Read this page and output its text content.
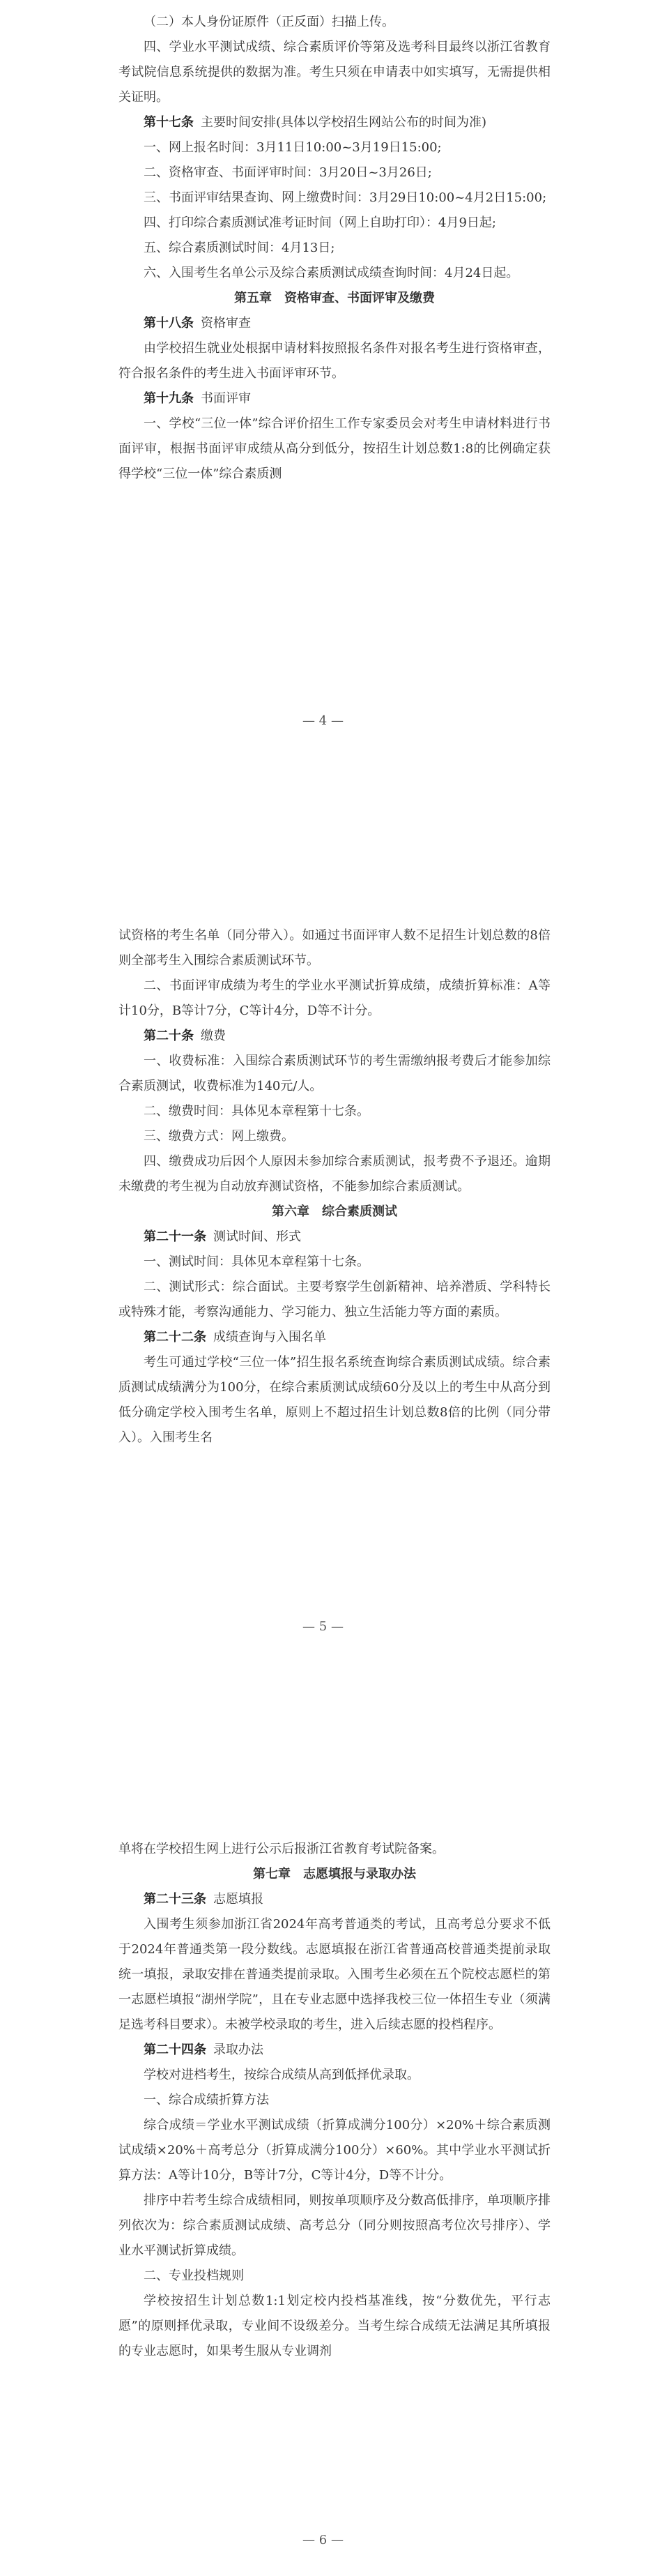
（二）本人身份证原件（正反面）扫描上传。

四、学业水平测试成绩、综合素质评价等第及选考科目最终以浙江省教育考试院信息系统提供的数据为准。考生只须在申请表中如实填写，无需提供相关证明。

第十七条 主要时间安排(具体以学校招生网站公布的时间为准)

一、网上报名时间：3月11日10:00~3月19日15:00;

二、资格审查、书面评审时间：3月20日~3月26日;

三、书面评审结果查询、网上缴费时间：3月29日10:00~4月2日15:00;

四、打印综合素质测试准考证时间（网上自助打印）：4月9日起;

五、综合素质测试时间：4月13日;

六、入围考生名单公示及综合素质测试成绩查询时间：4月24日起。

第五章　资格审查、书面评审及缴费

第十八条 资格审查

由学校招生就业处根据申请材料按照报名条件对报名考生进行资格审查，符合报名条件的考生进入书面评审环节。

第十九条 书面评审

一、学校“三位一体”综合评价招生工作专家委员会对考生申请材料进行书面评审，根据书面评审成绩从高分到低分，按招生计划总数1:8的比例确定获得学校“三位一体”综合素质测

— 4 —

试资格的考生名单（同分带入）。如通过书面评审人数不足招生计划总数的8倍则全部考生入围综合素质测试环节。

二、书面评审成绩为考生的学业水平测试折算成绩，成绩折算标准：A等计10分，B等计7分，C等计4分，D等不计分。

第二十条 缴费

一、收费标准：入围综合素质测试环节的考生需缴纳报考费后才能参加综合素质测试，收费标准为140元/人。

二、缴费时间：具体见本章程第十七条。

三、缴费方式：网上缴费。

四、缴费成功后因个人原因未参加综合素质测试，报考费不予退还。逾期未缴费的考生视为自动放弃测试资格，不能参加综合素质测试。

第六章　综合素质测试

第二十一条 测试时间、形式

一、测试时间：具体见本章程第十七条。

二、测试形式：综合面试。主要考察学生创新精神、培养潜质、学科特长或特殊才能，考察沟通能力、学习能力、独立生活能力等方面的素质。

第二十二条 成绩查询与入围名单

考生可通过学校“三位一体”招生报名系统查询综合素质测试成绩。综合素质测试成绩满分为100分，在综合素质测试成绩60分及以上的考生中从高分到低分确定学校入围考生名单，原则上不超过招生计划总数8倍的比例（同分带入）。入围考生名

— 5 —

单将在学校招生网上进行公示后报浙江省教育考试院备案。

第七章　志愿填报与录取办法

第二十三条 志愿填报

入围考生须参加浙江省2024年高考普通类的考试，且高考总分要求不低于2024年普通类第一段分数线。志愿填报在浙江省普通高校普通类提前录取统一填报，录取安排在普通类提前录取。入围考生必须在五个院校志愿栏的第一志愿栏填报“湖州学院”，且在专业志愿中选择我校三位一体招生专业（须满足选考科目要求）。未被学校录取的考生，进入后续志愿的投档程序。

第二十四条 录取办法

学校对进档考生，按综合成绩从高到低择优录取。

一、综合成绩折算方法

综合成绩＝学业水平测试成绩（折算成满分100分）×20%＋综合素质测试成绩×20%＋高考总分（折算成满分100分）×60%。其中学业水平测试折算方法：A等计10分，B等计7分，C等计4分，D等不计分。

排序中若考生综合成绩相同，则按单项顺序及分数高低排序，单项顺序排列依次为：综合素质测试成绩、高考总分（同分则按照高考位次号排序）、学业水平测试折算成绩。

二、专业投档规则

学校按招生计划总数1:1划定校内投档基准线，按“分数优先，平行志愿”的原则择优录取，专业间不设级差分。当考生综合成绩无法满足其所填报的专业志愿时，如果考生服从专业调剂

— 6 —
